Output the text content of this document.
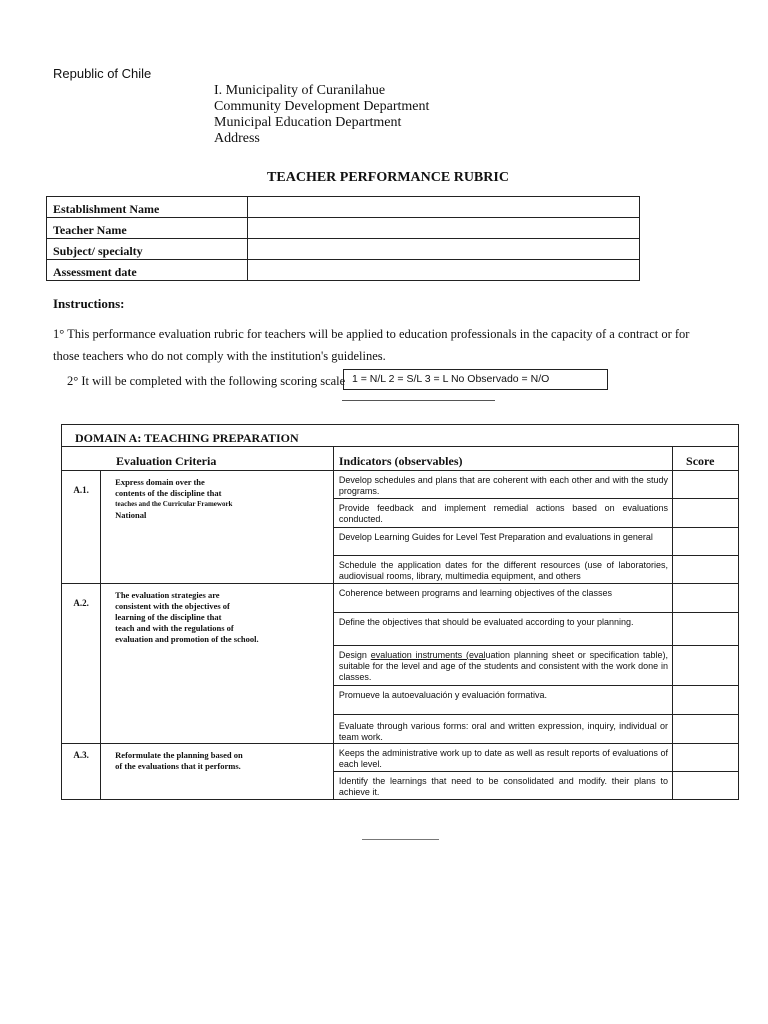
Republic of Chile
I. Municipality of Curanilahue
Community Development Department
Municipal Education Department
Address
TEACHER PERFORMANCE RUBRIC
Establishment Name	
Teacher Name	
Subject/ specialty	
Assessment date	
Instructions:
1° This performance evaluation rubric for teachers will be applied to education professionals in the capacity of a contract or for those teachers who do not comply with the institution's guidelines.
2° It will be completed with the following scoring scale 1 = N/L 2 = S/L 3 = L No Observado = N/O
DOMAIN A: TEACHING PREPARATION			
Evaluation Criteria		Indicators (observables)	Score
A.1.	Express domain over the
contents of the discipline that
teaches and the Curricular Framework
National	Develop schedules and plans that are coherent with each other and with the study programs.	
		Provide feedback and implement remedial actions based on evaluations conducted.	
		Develop Learning Guides for Level Test Preparation and evaluations in general	
		Schedule the application dates for the different resources (use of laboratories, audiovisual rooms, library, multimedia equipment, and others	
A.2.	The evaluation strategies are
consistent with the objectives of
learning of the discipline that
teach and with the regulations of
evaluation and promotion of the school.	Coherence between programs and learning objectives of the classes	
		Define the objectives that should be evaluated according to your planning.	
		Design evaluation instruments (evaluation planning sheet or specification table), suitable for the level and age of the students and consistent with the work done in classes.	
		Promueve la autoevaluación y evaluación formativa.	
		Evaluate through various forms: oral and written expression, inquiry, individual or team work.	
A.3.	Reformulate the planning based on
of the evaluations that it performs.	Keeps the administrative work up to date as well as result reports of evaluations of each level.	
		Identify the learnings that need to be consolidated and modify. their plans to achieve it.	
